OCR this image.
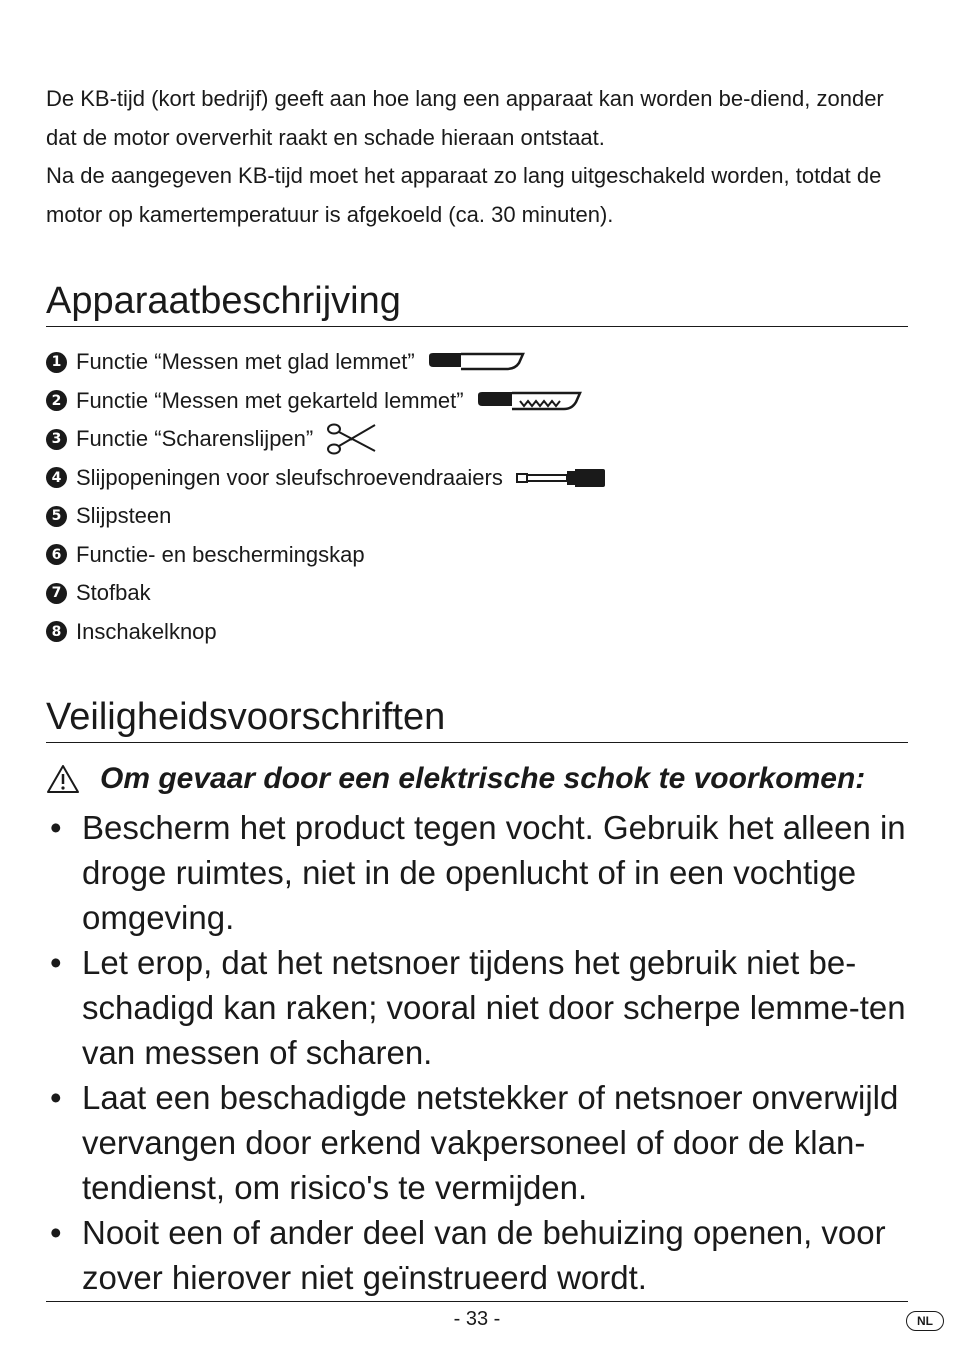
De KB-tijd (kort bedrijf) geeft aan hoe lang een apparaat kan worden be-diend, zonder dat de motor oververhit raakt en schade hieraan ontstaat.

Na de aangegeven KB-tijd moet het apparaat zo lang uitgeschakeld worden, totdat de motor op kamertemperatuur is afgekoeld (ca. 30 minuten).

Apparaatbeschrijving
1 Functie “Messen met glad lemmet”
2 Functie “Messen met gekarteld lemmet”
3 Functie “Scharenslijpen”
4 Slijpopeningen voor sleufschroevendraaiers
5 Slijpsteen
6 Functie- en beschermingskap
7 Stofbak
8 Inschakelknop
Veiligheidsvoorschriften
Om gevaar door een elektrische schok te voorkomen:
• Bescherm het product tegen vocht. Gebruik het alleen in droge ruimtes, niet in de openlucht of in een vochtige omgeving.
• Let erop, dat het netsnoer tijdens het gebruik niet be-schadigd kan raken; vooral niet door scherpe lemme-ten van messen of scharen.
• Laat een beschadigde netstekker of netsnoer onverwijld vervangen door erkend vakpersoneel of door de klan-tendienst, om risico's te vermijden.
• Nooit een of ander deel van de behuizing openen, voor zover hierover niet geïnstrueerd wordt.
- 33 -	NL
